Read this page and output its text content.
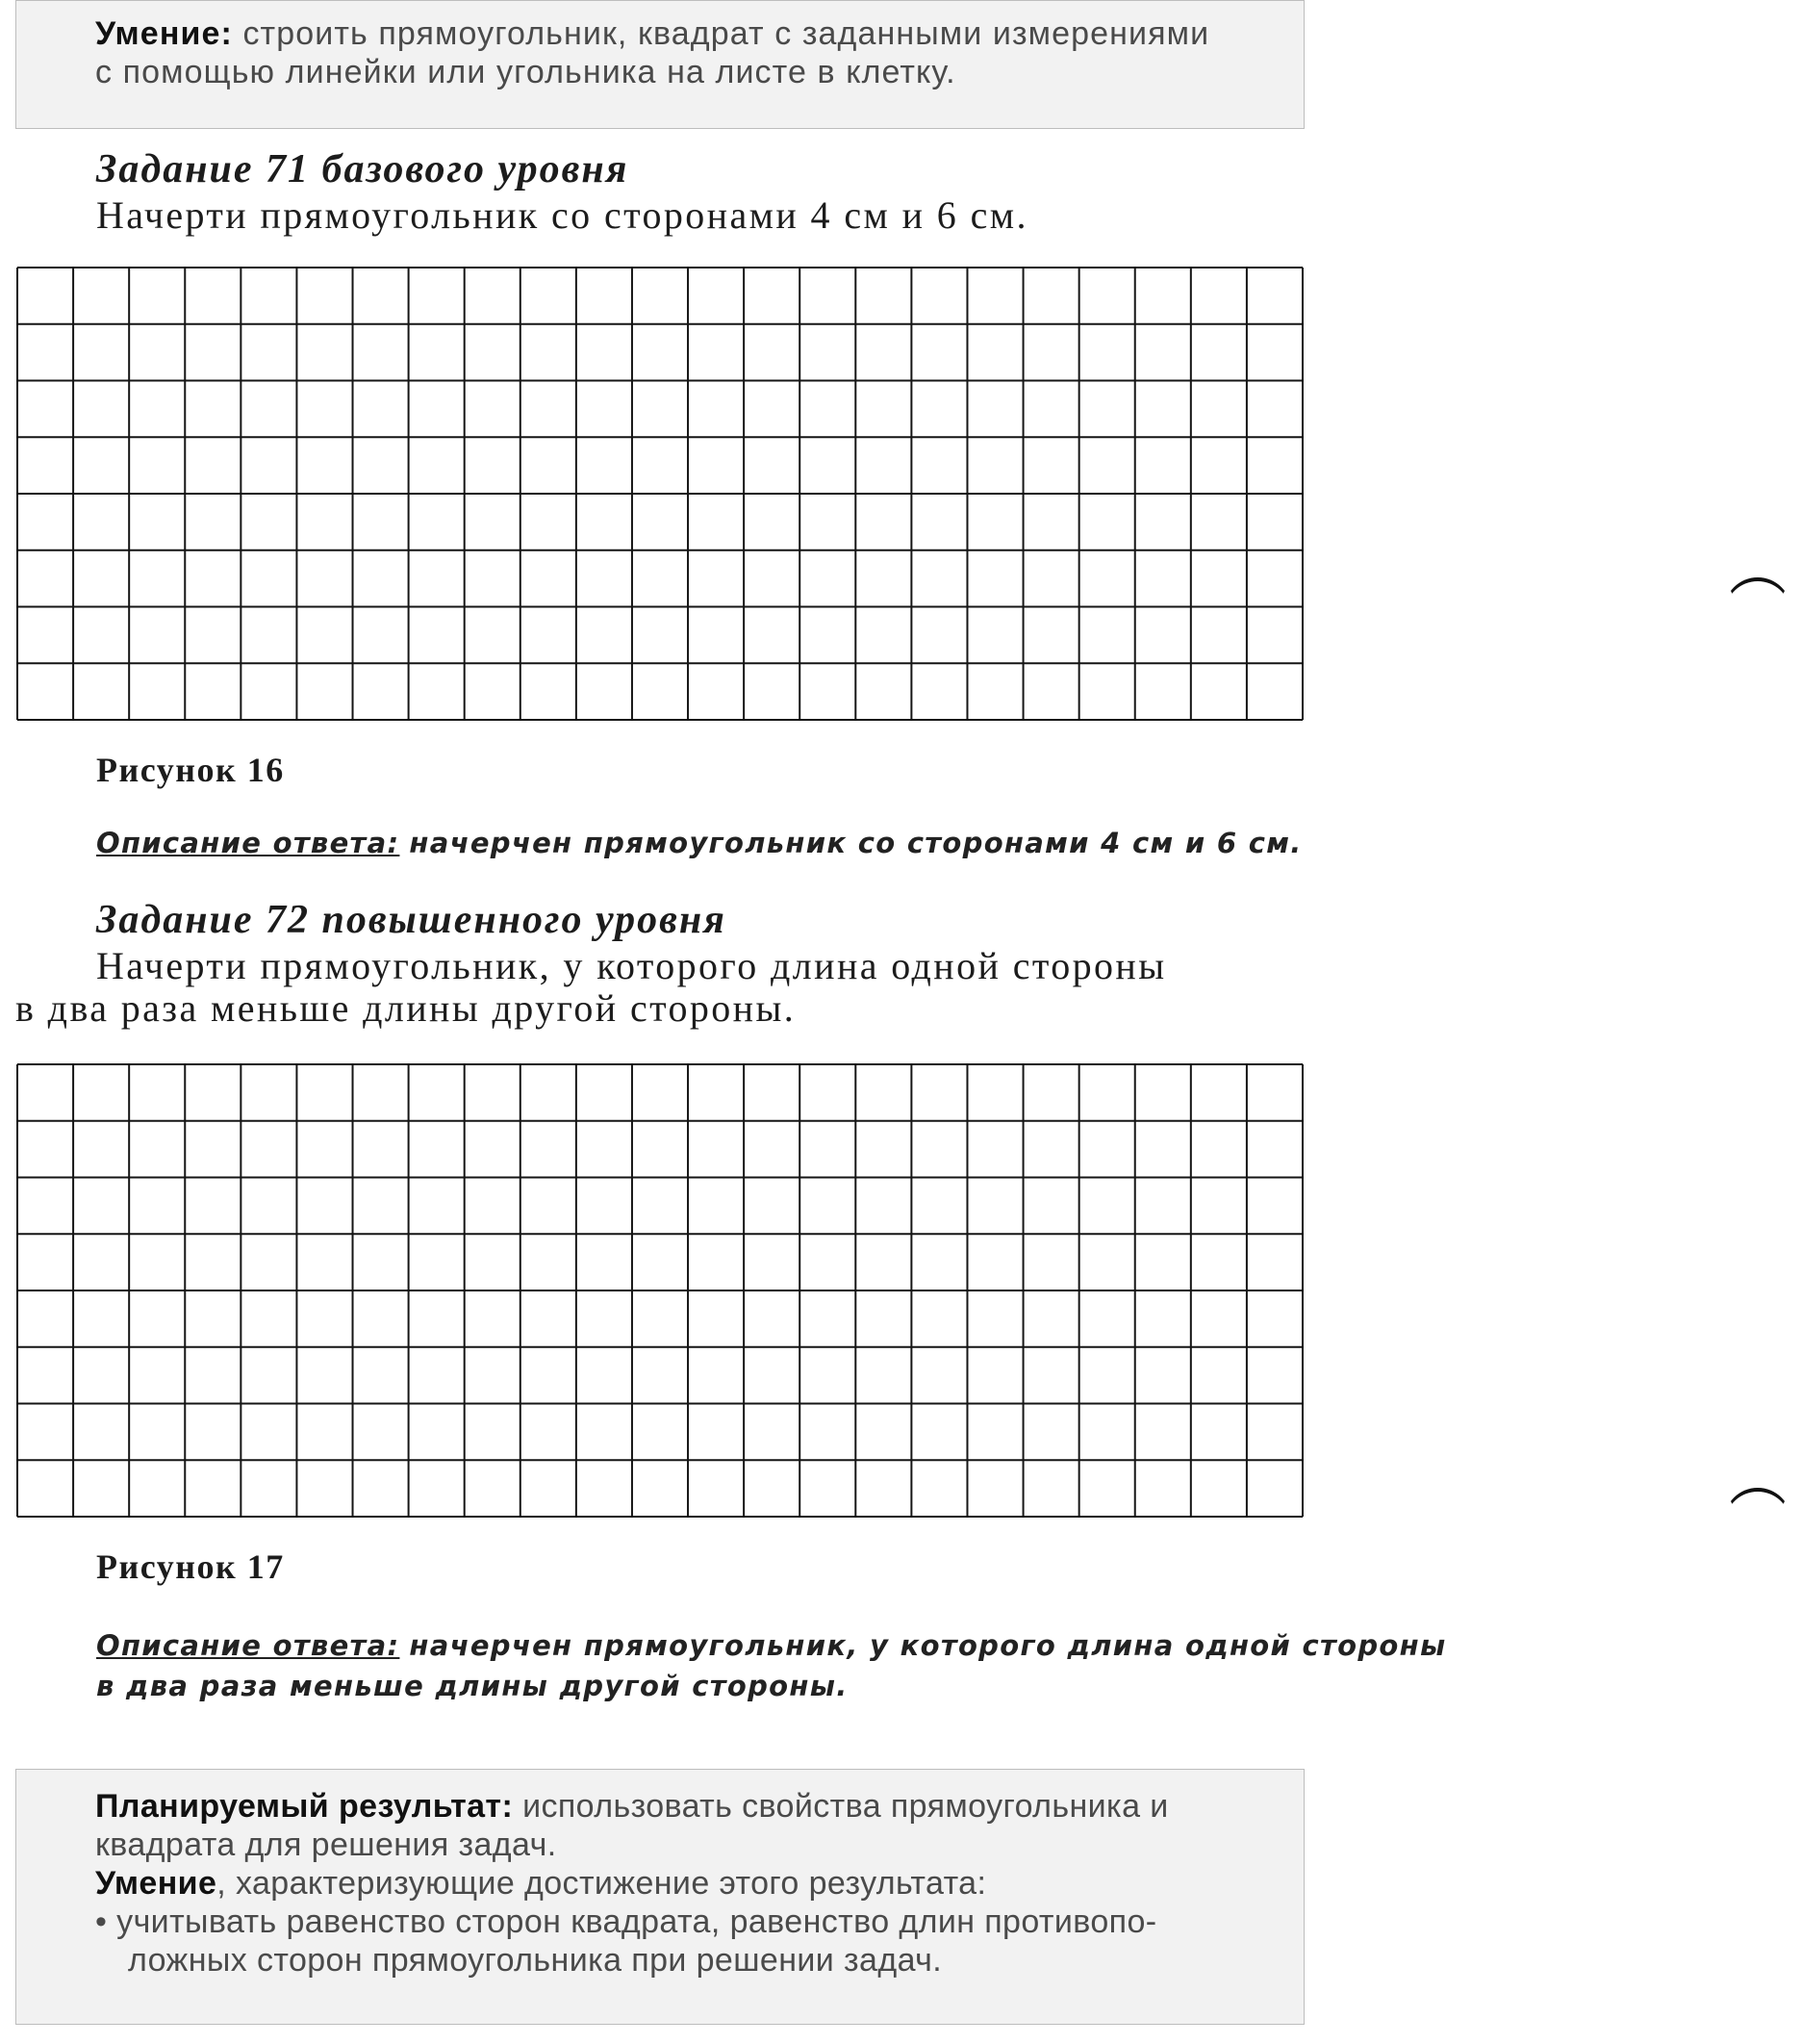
Умение: строить прямоугольник, квадрат с заданными измерениями
с помощью линейки или угольника на листе в клетку.
Задание 71 базового уровня
Начерти прямоугольник со сторонами 4 см и 6 см.
Рисунок 16
Описание ответа: начерчен прямоугольник со сторонами 4 см и 6 см.
Задание 72 повышенного уровня
Начерти прямоугольник, у которого длина одной стороны
в два раза меньше длины другой стороны.
Рисунок 17
Описание ответа: начерчен прямоугольник, у которого длина одной стороны
в два раза меньше длины другой стороны.
Планируемый результат: использовать свойства прямоугольника и
квадрата для решения задач.
Умение, характеризующие достижение этого результата:
• учитывать равенство сторон квадрата, равенство длин противопо-
ложных сторон прямоугольника при решении задач.
